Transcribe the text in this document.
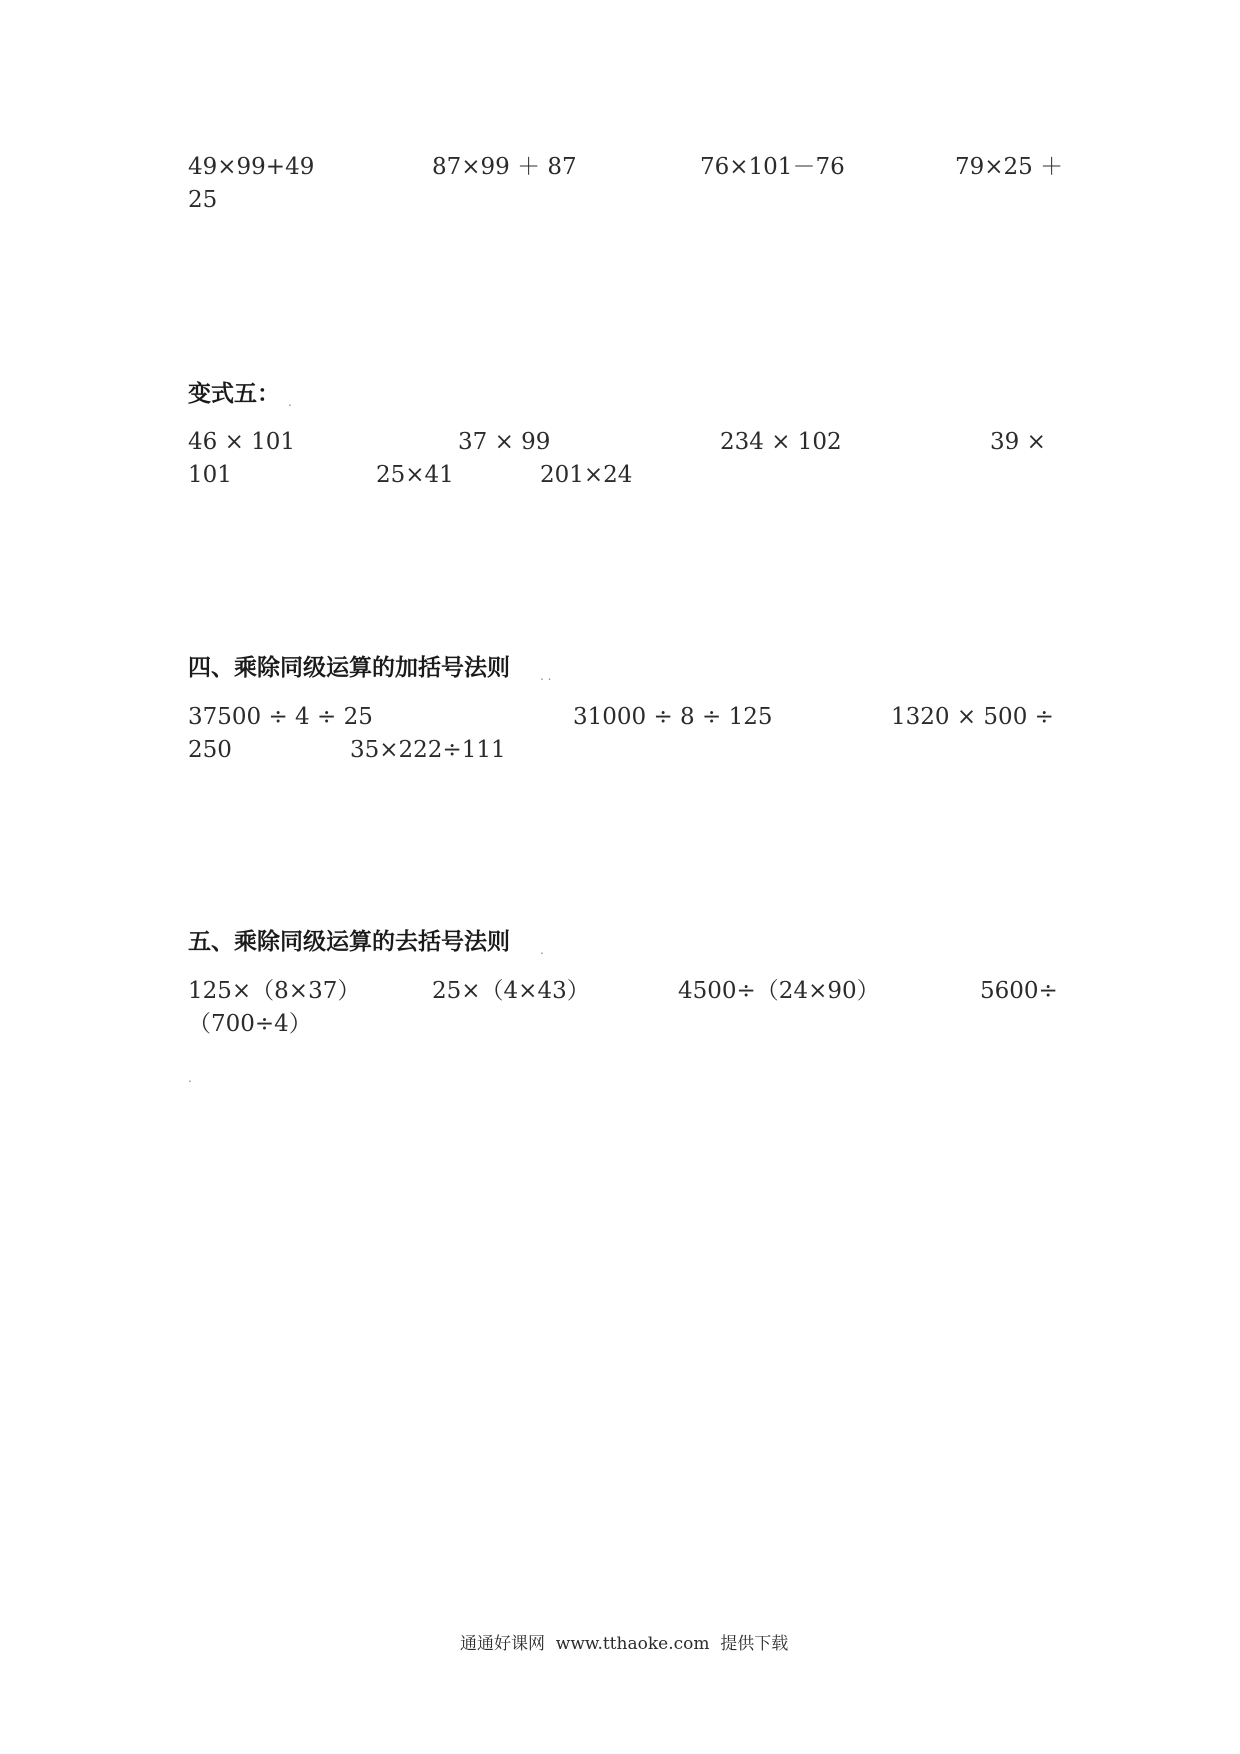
49×99+49	87×99 ＋ 87	76×101－76	79×25 ＋
25
变式五： .
46 × 101	37 × 99	234 × 102	39 ×
101	25×41	201×24
四、乘除同级运算的加括号法则	. .
37500 ÷ 4 ÷ 25	31000 ÷ 8 ÷ 125	1320 × 500 ÷
250	35×222÷111
五、乘除同级运算的去括号法则	.
125×（8×37）	25×（4×43）	4500÷（24×90）	5600÷
（700÷4）
.
通通好课网  www.tthaoke.com  提供下载
